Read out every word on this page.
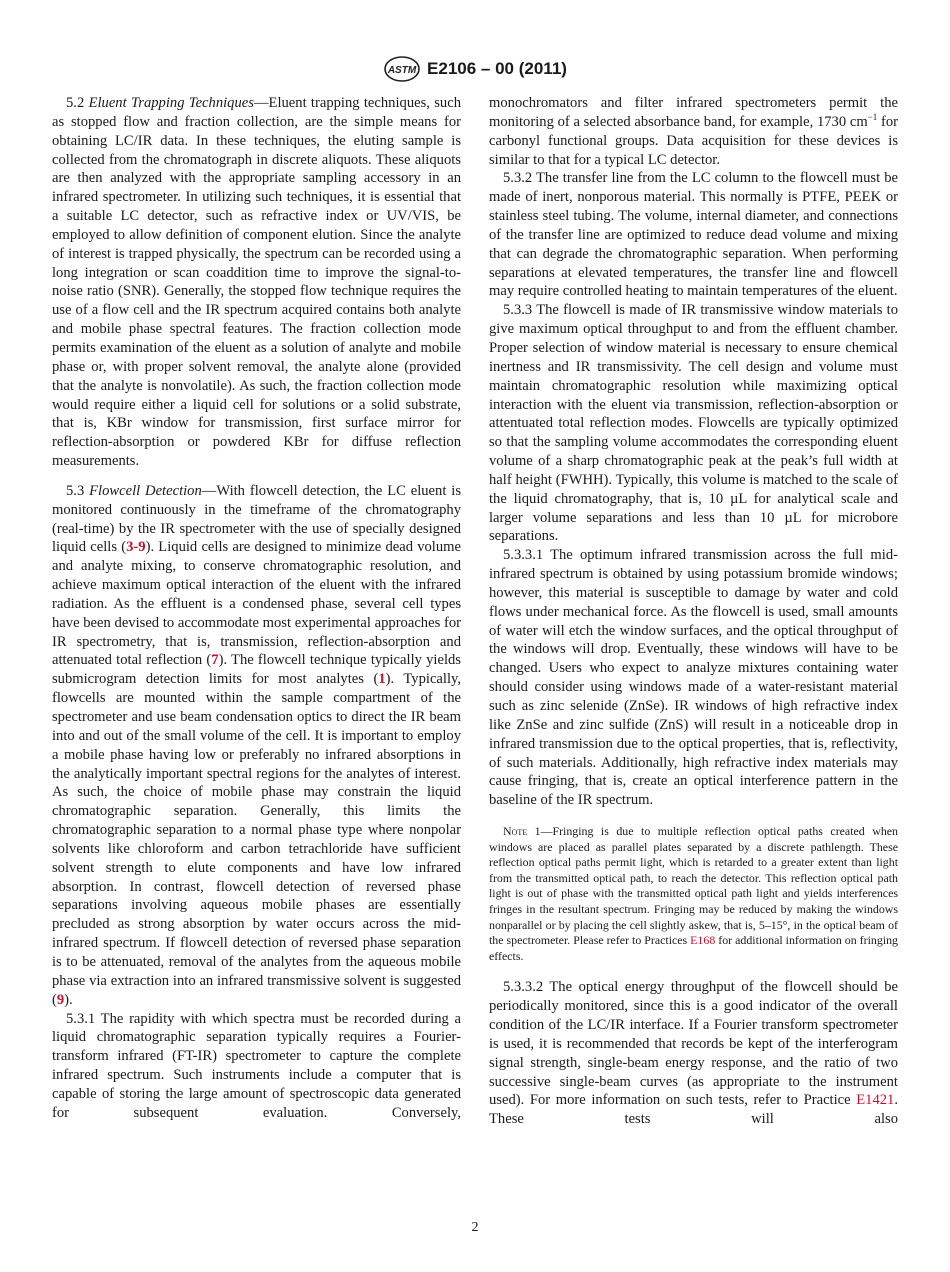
ASTM E2106 – 00 (2011)

5.2 Eluent Trapping Techniques—Eluent trapping techniques, such as stopped flow and fraction collection, are the simple means for obtaining LC/IR data. In these techniques, the eluting sample is collected from the chromatograph in discrete aliquots. These aliquots are then analyzed with the appropriate sampling accessory in an infrared spectrometer. In utilizing such techniques, it is essential that a suitable LC detector, such as refractive index or UV/VIS, be employed to allow definition of component elution. Since the analyte of interest is trapped physically, the spectrum can be recorded using a long integration or scan coaddition time to improve the signal-to-noise ratio (SNR). Generally, the stopped flow technique requires the use of a flow cell and the IR spectrum acquired contains both analyte and mobile phase spectral features. The fraction collection mode permits examination of the eluent as a solution of analyte and mobile phase or, with proper solvent removal, the analyte alone (provided that the analyte is nonvolatile). As such, the fraction collection mode would require either a liquid cell for solutions or a solid substrate, that is, KBr window for transmission, first surface mirror for reflection-absorption or powdered KBr for diffuse reflection measurements.

5.3 Flowcell Detection—With flowcell detection, the LC eluent is monitored continuously in the timeframe of the chromatography (real-time) by the IR spectrometer with the use of specially designed liquid cells (3-9). Liquid cells are designed to minimize dead volume and analyte mixing, to conserve chromatographic resolution, and achieve maximum optical interaction of the eluent with the infrared radiation. As the effluent is a condensed phase, several cell types have been devised to accommodate most experimental approaches for IR spectrometry, that is, transmission, reflection-absorption and attenuated total reflection (7). The flowcell technique typically yields submicrogram detection limits for most analytes (1). Typically, flowcells are mounted within the sample compartment of the spectrometer and use beam condensation optics to direct the IR beam into and out of the small volume of the cell. It is important to employ a mobile phase having low or preferably no infrared absorptions in the analytically important spectral regions for the analytes of interest. As such, the choice of mobile phase may constrain the liquid chromatographic separation. Generally, this limits the chromatographic separation to a normal phase type where nonpolar solvents like chloroform and carbon tetrachloride have sufficient solvent strength to elute components and have low infrared absorption. In contrast, flowcell detection of reversed phase separations involving aqueous mobile phases are essentially precluded as strong absorption by water occurs across the mid-infrared spectrum. If flowcell detection of reversed phase separation is to be attenuated, removal of the analytes from the aqueous mobile phase via extraction into an infrared transmissive solvent is suggested (9).

5.3.1 The rapidity with which spectra must be recorded during a liquid chromatographic separation typically requires a Fourier-transform infrared (FT-IR) spectrometer to capture the complete infrared spectrum. Such instruments include a computer that is capable of storing the large amount of spectroscopic data generated for subsequent evaluation. Conversely,

monochromators and filter infrared spectrometers permit the monitoring of a selected absorbance band, for example, 1730 $cm^{-1}$ for carbonyl functional groups. Data acquisition for these devices is similar to that for a typical LC detector.

5.3.2 The transfer line from the LC column to the flowcell must be made of inert, nonporous material. This normally is PTFE, PEEK or stainless steel tubing. The volume, internal diameter, and connections of the transfer line are optimized to reduce dead volume and mixing that can degrade the chromatographic separation. When performing separations at elevated temperatures, the transfer line and flowcell may require controlled heating to maintain temperatures of the eluent.

5.3.3 The flowcell is made of IR transmissive window materials to give maximum optical throughput to and from the effluent chamber. Proper selection of window material is necessary to ensure chemical inertness and IR transmissivity. The cell design and volume must maintain chromatographic resolution while maximizing optical interaction with the eluent via transmission, reflection-absorption or attentuated total reflection modes. Flowcells are typically optimized so that the sampling volume accommodates the corresponding eluent volume of a sharp chromatographic peak at the peak’s full width at half height (FWHH). Typically, this volume is matched to the scale of the liquid chromatography, that is, 10 µL for analytical scale and larger volume separations and less than 10 µL for microbore separations.

5.3.3.1 The optimum infrared transmission across the full mid-infrared spectrum is obtained by using potassium bromide windows; however, this material is susceptible to damage by water and cold flows under mechanical force. As the flowcell is used, small amounts of water will etch the window surfaces, and the optical throughput of the windows will drop. Eventually, these windows will have to be changed. Users who expect to analyze mixtures containing water should consider using windows made of a water-resistant material such as zinc selenide (ZnSe). IR windows of high refractive index like ZnSe and zinc sulfide (ZnS) will result in a noticeable drop in infrared transmission due to the optical properties, that is, reflectivity, of such materials. Additionally, high refractive index materials may cause fringing, that is, create an optical interference pattern in the baseline of the IR spectrum.

Note 1—Fringing is due to multiple reflection optical paths created when windows are placed as parallel plates separated by a discrete pathlength. These reflection optical paths permit light, which is retarded to a greater extent than light from the transmitted optical path, to reach the detector. This reflection optical path light is out of phase with the transmitted optical path light and yields interferences fringes in the resultant spectrum. Fringing may be reduced by making the windows nonparallel or by placing the cell slightly askew, that is, 5–15°, in the optical beam of the spectrometer. Please refer to Practices E168 for additional information on fringing effects.

5.3.3.2 The optical energy throughput of the flowcell should be periodically monitored, since this is a good indicator of the overall condition of the LC/IR interface. If a Fourier transform spectrometer is used, it is recommended that records be kept of the interferogram signal strength, single-beam energy response, and the ratio of two successive single-beam curves (as appropriate to the instrument used). For more information on such tests, refer to Practice E1421. These tests will also

2
